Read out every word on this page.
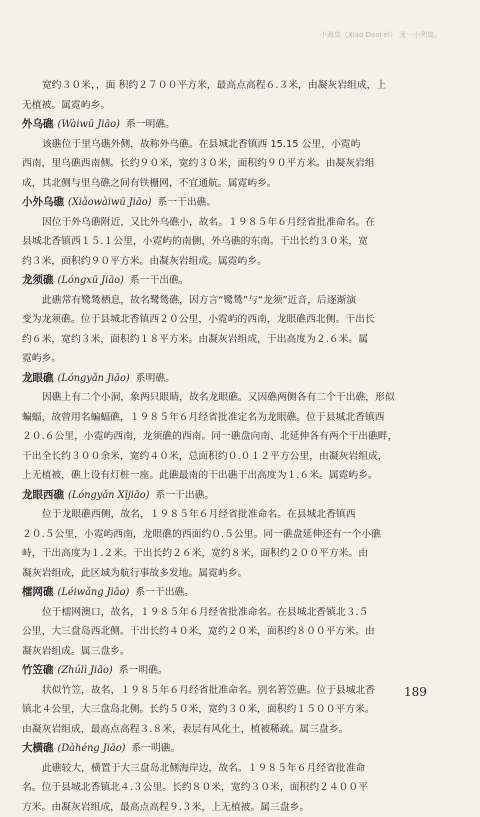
小海岛（Xiao Daoj.el） 龙一小列岛。

宽约３０米，，面 积约２７００平方米，最高点高程６.３米，由凝灰岩组成，上

无植被。属霓屿乡。

外乌礁 (Wàiwū Jiāo) 系一明礁。

该礁位于里乌礁外侧，故称外乌礁。在县城北香镇西 15.15 公里，小霓屿

西南，里乌礁西南侧。长约９０米，宽约３０米，面积约９０平方米。由凝灰岩组

成，其北侧与里乌礁之间有铁栅网，不宜通航。属霓屿乡。

小外乌礁 (Xiǎowàiwū Jiāo) 系一干出礁。

因位于外乌礁附近，又比外乌礁小，故名。１９８５年６月经省批准命名。在

县城北香镇西１５.１公里，小霓屿的南侧，外乌礁的东南。干出长约３０米，宽

约３米，面积约９０平方米。由凝灰岩组成。属霓屿乡。

龙须礁 (Lóngxū Jiāo) 系一干出礁。

此礁常有鹭鸶栖息，故名鹭鸶礁，因方言“鹭鸶”与“龙须”近音，后逐渐演

变为龙须礁。位于县城北香镇西２０公里，小霓屿的西南，龙眼礁西北侧。干出长

约６米，宽约３米，面积约１８平方米。由凝灰岩组成，干出高度为２.６米。属

霓屿乡。

龙眼礁 (Lóngyǎn Jiāo) 系明礁。

因礁上有二个小洞，象两只眼睛，故名龙眼礁。又因礁两侧各有二个干出礁，形似

蝙蝠，故曾用名蝙蝠礁，１９８５年６月经省批准定名为龙眼礁。位于县城北香镇西

２０.６公里，小霓屿西南，龙须礁的西南。同一礁盘向南、北延伸各有两个干出礁畔，

干出全长约３００余米，宽约４０米，总面积约０.０１２平方公里，由凝灰岩组成，

上无植被，礁上设有灯桩一座。此礁最南的干出礁干出高度为１.６米。属霓屿乡。

龙眼西礁 (Lóngyǎn Xījiāo) 系一干出礁。

位于龙眼礁西侧，故名，１９８５年６月经省批准命名。在县城北香镇西

２０.５公里，小霓屿西南，龙眼礁的西面约０.５公里。同一礁盘延伸还有一个小礁

峙，干出高度为１.２米。干出长约２６米，宽约８米，面积约２００平方米。由

凝灰岩组成，此区域为航行事故多发地。属霓屿乡。

檑网礁 (Léiwǎng Jiāo) 系一干出礁。

位于檑网澳口，故名，１９８５年６月经省批准命名。在县城北香镇北３.５

公里，大三盘岛西北侧。干出长约４０米，宽约２０米，面积约８００平方米。由

凝灰岩组成。属三盘乡。

竹笠礁 (Zhúlì Jiāo) 系一明礁。

状似竹笠，故名，１９８５年６月经省批准命名。别名箬笠礁。位于县城北香

镇北４公里，大三盘岛北侧。长约５０米，宽约３０米，面积约１５００平方米。

由凝灰岩组成，最高点高程３.８米，表层有风化土，植被稀疏。属三盘乡。

大横礁 (Dàhéng Jiāo) 系一明礁。

此礁较大，横置于大三盘岛北侧海岸边，故名。１９８５年６月经省批准命

名。位于县城北香镇北４.３公里。长约８０米，宽约３０米，面积约２４００平

方米。由凝灰岩组成，最高点高程９.３米，上无植被。属三盘乡。

189
